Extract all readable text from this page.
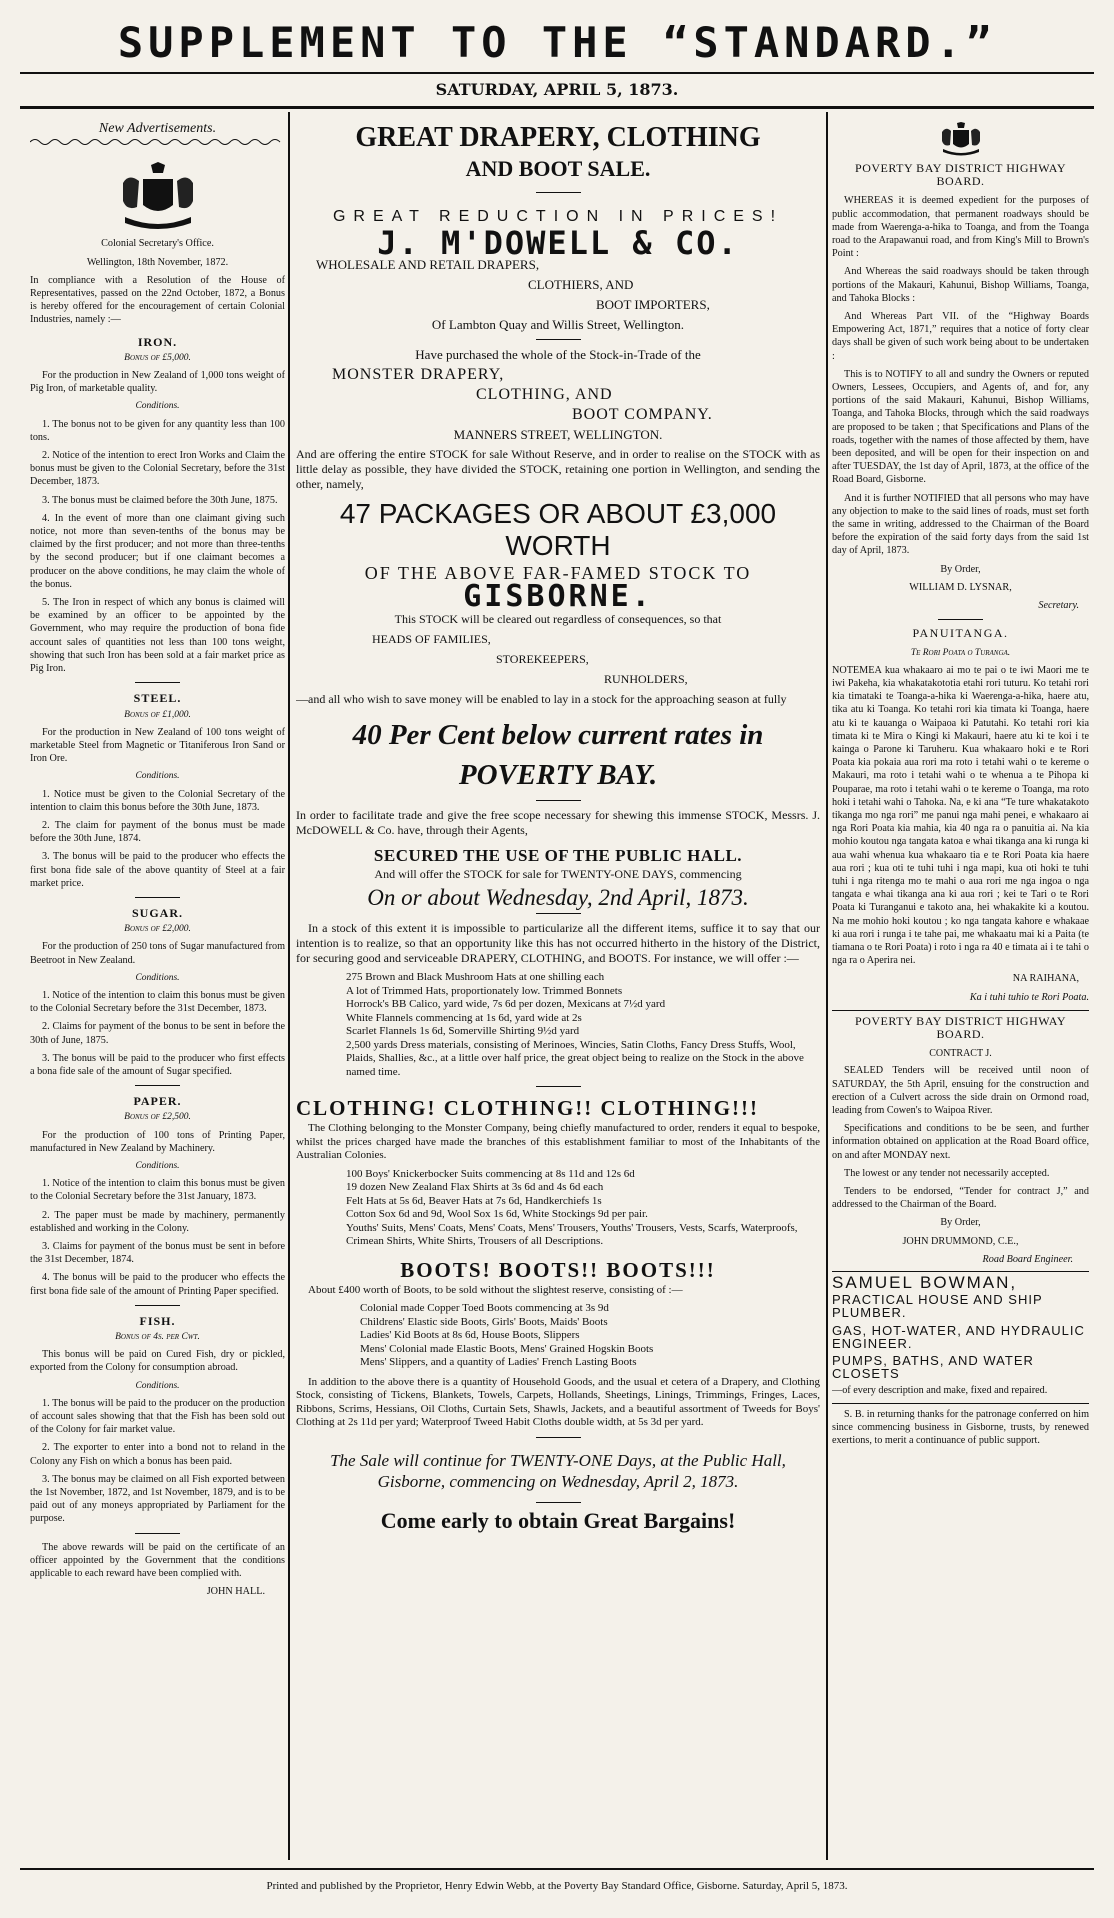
SUPPLEMENT TO THE “STANDARD.”
SATURDAY, APRIL 5, 1873.
New Advertisements.

Colonial Secretary's Office.

Wellington, 18th November, 1872.

In compliance with a Resolution of the House of Representatives, passed on the 22nd October, 1872, a Bonus is hereby offered for the encouragement of certain Colonial Industries, namely :—

IRON.
Bonus of £5,000.

For the production in New Zealand of 1,000 tons weight of Pig Iron, of marketable quality.

Conditions.

1. The bonus not to be given for any quantity less than 100 tons.

2. Notice of the intention to erect Iron Works and Claim the bonus must be given to the Colonial Secretary, before the 31st December, 1873.

3. The bonus must be claimed before the 30th June, 1875.

4. In the event of more than one claimant giving such notice, not more than seven-tenths of the bonus may be claimed by the first producer; and not more than three-tenths by the second producer; but if one claimant becomes a producer on the above conditions, he may claim the whole of the bonus.

5. The Iron in respect of which any bonus is claimed will be examined by an officer to be appointed by the Government, who may require the production of bona fide account sales of quantities not less than 100 tons weight, showing that such Iron has been sold at a fair market price as Pig Iron.

STEEL.
Bonus of £1,000.

For the production in New Zealand of 100 tons weight of marketable Steel from Magnetic or Titaniferous Iron Sand or Iron Ore.

Conditions.

1. Notice must be given to the Colonial Secretary of the intention to claim this bonus before the 30th June, 1873.

2. The claim for payment of the bonus must be made before the 30th June, 1874.

3. The bonus will be paid to the producer who effects the first bona fide sale of the above quantity of Steel at a fair market price.

SUGAR.
Bonus of £2,000.

For the production of 250 tons of Sugar manufactured from Beetroot in New Zealand.

Conditions.

1. Notice of the intention to claim this bonus must be given to the Colonial Secretary before the 31st December, 1873.

2. Claims for payment of the bonus to be sent in before the 30th of June, 1875.

3. The bonus will be paid to the producer who first effects a bona fide sale of the amount of Sugar specified.

PAPER.
Bonus of £2,500.

For the production of 100 tons of Printing Paper, manufactured in New Zealand by Machinery.

Conditions.

1. Notice of the intention to claim this bonus must be given to the Colonial Secretary before the 31st January, 1873.

2. The paper must be made by machinery, permanently established and working in the Colony.

3. Claims for payment of the bonus must be sent in before the 31st December, 1874.

4. The bonus will be paid to the producer who effects the first bona fide sale of the amount of Printing Paper specified.

FISH.
Bonus of 4s. per Cwt.

This bonus will be paid on Cured Fish, dry or pickled, exported from the Colony for consumption abroad.

Conditions.

1. The bonus will be paid to the producer on the production of account sales showing that that the Fish has been sold out of the Colony for fair market value.

2. The exporter to enter into a bond not to reland in the Colony any Fish on which a bonus has been paid.

3. The bonus may be claimed on all Fish exported between the 1st November, 1872, and 1st November, 1879, and is to be paid out of any moneys appropriated by Parliament for the purpose.

The above rewards will be paid on the certificate of an officer appointed by the Government that the conditions applicable to each reward have been complied with.

JOHN HALL.

GREAT DRAPERY, CLOTHING
AND BOOT SALE.
GREAT REDUCTION IN PRICES!
J. M'DOWELL & CO.

WHOLESALE AND RETAIL DRAPERS,

CLOTHIERS, AND

BOOT IMPORTERS,

Of Lambton Quay and Willis Street, Wellington.

Have purchased the whole of the Stock-in-Trade of the

MONSTER DRAPERY,

CLOTHING, AND

BOOT COMPANY.

MANNERS STREET, WELLINGTON.

And are offering the entire STOCK for sale Without Reserve, and in order to realise on the STOCK with as little delay as possible, they have divided the STOCK, retaining one portion in Wellington, and sending the other, namely,

47 PACKAGES OR ABOUT £3,000 WORTH
OF THE ABOVE FAR-FAMED STOCK TO
GISBORNE.

This STOCK will be cleared out regardless of consequences, so that

HEADS OF FAMILIES,

STOREKEEPERS,

RUNHOLDERS,

—and all who wish to save money will be enabled to lay in a stock for the approaching season at fully

40 Per Cent below current rates in
POVERTY BAY.

In order to facilitate trade and give the free scope necessary for shewing this immense STOCK, Messrs. J. McDOWELL & Co. have, through their Agents,

SECURED THE USE OF THE PUBLIC HALL.

And will offer the STOCK for sale for TWENTY-ONE DAYS, commencing

On or about Wednesday, 2nd April, 1873.

In a stock of this extent it is impossible to particularize all the different items, suffice it to say that our intention is to realize, so that an opportunity like this has not occurred hitherto in the history of the District, for securing good and serviceable DRAPERY, CLOTHING, and BOOTS. For instance, we will offer :—

275 Brown and Black Mushroom Hats at one shilling each
A lot of Trimmed Hats, proportionately low. Trimmed Bonnets
Horrock's BB Calico, yard wide, 7s 6d per dozen, Mexicans at 7½d yard
White Flannels commencing at 1s 6d, yard wide at 2s
Scarlet Flannels 1s 6d, Somerville Shirting 9½d yard
2,500 yards Dress materials, consisting of Merinoes, Wincies, Satin Cloths, Fancy Dress Stuffs, Wool, Plaids, Shallies, &c., at a little over half price, the great object being to realize on the Stock in the above named time.
CLOTHING! CLOTHING!! CLOTHING!!!

The Clothing belonging to the Monster Company, being chiefly manufactured to order, renders it equal to bespoke, whilst the prices charged have made the branches of this establishment familiar to most of the Inhabitants of the Australian Colonies.

100 Boys' Knickerbocker Suits commencing at 8s 11d and 12s 6d
19 dozen New Zealand Flax Shirts at 3s 6d and 4s 6d each
Felt Hats at 5s 6d, Beaver Hats at 7s 6d, Handkerchiefs 1s
Cotton Sox 6d and 9d, Wool Sox 1s 6d, White Stockings 9d per pair.
Youths' Suits, Mens' Coats, Mens' Coats, Mens' Trousers, Youths' Trousers, Vests, Scarfs, Waterproofs, Crimean Shirts, White Shirts, Trousers of all Descriptions.
BOOTS! BOOTS!! BOOTS!!!

About £400 worth of Boots, to be sold without the slightest reserve, consisting of :—

Colonial made Copper Toed Boots commencing at 3s 9d
Childrens' Elastic side Boots, Girls' Boots, Maids' Boots
Ladies' Kid Boots at 8s 6d, House Boots, Slippers
Mens' Colonial made Elastic Boots, Mens' Grained Hogskin Boots
Mens' Slippers, and a quantity of Ladies' French Lasting Boots

In addition to the above there is a quantity of Household Goods, and the usual et cetera of a Drapery, and Clothing Stock, consisting of Tickens, Blankets, Towels, Carpets, Hollands, Sheetings, Linings, Trimmings, Fringes, Laces, Ribbons, Scrims, Hessians, Oil Cloths, Curtain Sets, Shawls, Jackets, and a beautiful assortment of Tweeds for Boys' Clothing at 2s 11d per yard; Waterproof Tweed Habit Cloths double width, at 5s 3d per yard.

The Sale will continue for TWENTY-ONE Days, at the Public Hall, Gisborne, commencing on Wednesday, April 2, 1873.
Come early to obtain Great Bargains!
POVERTY BAY DISTRICT HIGHWAY BOARD.

WHEREAS it is deemed expedient for the purposes of public accommodation, that permanent roadways should be made from Waerenga-a-hika to Toanga, and from the Toanga road to the Arapawanui road, and from King's Mill to Brown's Point :

And Whereas the said roadways should be taken through portions of the Makauri, Kahunui, Bishop Williams, Toanga, and Tahoka Blocks :

And Whereas Part VII. of the “Highway Boards Empowering Act, 1871,” requires that a notice of forty clear days shall be given of such work being about to be undertaken :

This is to NOTIFY to all and sundry the Owners or reputed Owners, Lessees, Occupiers, and Agents of, and for, any portions of the said Makauri, Kahunui, Bishop Williams, Toanga, and Tahoka Blocks, through which the said roadways are proposed to be taken ; that Specifications and Plans of the roads, together with the names of those affected by them, have been deposited, and will be open for their inspection on and after TUESDAY, the 1st day of April, 1873, at the office of the Road Board, Gisborne.

And it is further NOTIFIED that all persons who may have any objection to make to the said lines of roads, must set forth the same in writing, addressed to the Chairman of the Board before the expiration of the said forty days from the said 1st day of April, 1873.

By Order,

WILLIAM D. LYSNAR,

Secretary.

PANUITANGA.
Te Rori Poata o Turanga.

NOTEMEA kua whakaaro ai mo te pai o te iwi Maori me te iwi Pakeha, kia whakatakototia etahi rori tuturu. Ko tetahi rori kia timataki te Toanga-a-hika ki Waerenga-a-hika, haere atu, tika atu ki Toanga. Ko tetahi rori kia timata ki Toanga, haere atu ki te kauanga o Waipaoa ki Patutahi. Ko tetahi rori kia timata ki te Mira o Kingi ki Makauri, haere atu ki te koi i te kainga o Parone ki Taruheru. Kua whakaaro hoki e te Rori Poata kia pokaia aua rori ma roto i tetahi wahi o te kereme o Makauri, ma roto i tetahi wahi o te whenua a te Pihopa ki Pouparae, ma roto i tetahi wahi o te kereme o Toanga, ma roto hoki i tetahi wahi o Tahoka. Na, e ki ana “Te ture whakatakoto tikanga mo nga rori” me panui nga mahi penei, e whakaaro ai nga Rori Poata kia mahia, kia 40 nga ra o panuitia ai. Na kia mohio koutou nga tangata katoa e whai tikanga ana ki runga ki aua wahi whenua kua whakaaro tia e te Rori Poata kia haere aua rori ; kua oti te tuhi tuhi i nga mapi, kua oti hoki te tuhi tuhi i nga ritenga mo te mahi o aua rori me nga ingoa o nga tangata e whai tikanga ana ki aua rori ; kei te Tari o te Rori Poata ki Turanganui e takoto ana, hei whakakite ki a koutou. Na me mohio hoki koutou ; ko nga tangata kahore e whakaae ki aua rori i runga i te tahe pai, me whakaatu mai ki a Paita (te tiamana o te Rori Poata) i roto i nga ra 40 e timata ai i te tahi o nga ra o Aperira nei.

NA RAIHANA,

Ka i tuhi tuhio te Rori Poata.

POVERTY BAY DISTRICT HIGHWAY BOARD.
CONTRACT J.

SEALED Tenders will be received until noon of SATURDAY, the 5th April, ensuing for the construction and erection of a Culvert across the side drain on Ormond road, leading from Cowen's to Waipoa River.

Specifications and conditions to be be seen, and further information obtained on application at the Road Board office, on and after MONDAY next.

The lowest or any tender not necessarily accepted.

Tenders to be endorsed, “Tender for contract J,” and addressed to the Chairman of the Board.

By Order,

JOHN DRUMMOND, C.E.,

Road Board Engineer.

SAMUEL BOWMAN,
PRACTICAL HOUSE AND SHIP PLUMBER.
GAS, HOT-WATER, AND HYDRAULIC ENGINEER.
PUMPS, BATHS, AND WATER CLOSETS

—of every description and make, fixed and repaired.

S. B. in returning thanks for the patronage conferred on him since commencing business in Gisborne, trusts, by renewed exertions, to merit a continuance of public support.

Printed and published by the Proprietor, Henry Edwin Webb, at the Poverty Bay Standard Office, Gisborne. Saturday, April 5, 1873.
